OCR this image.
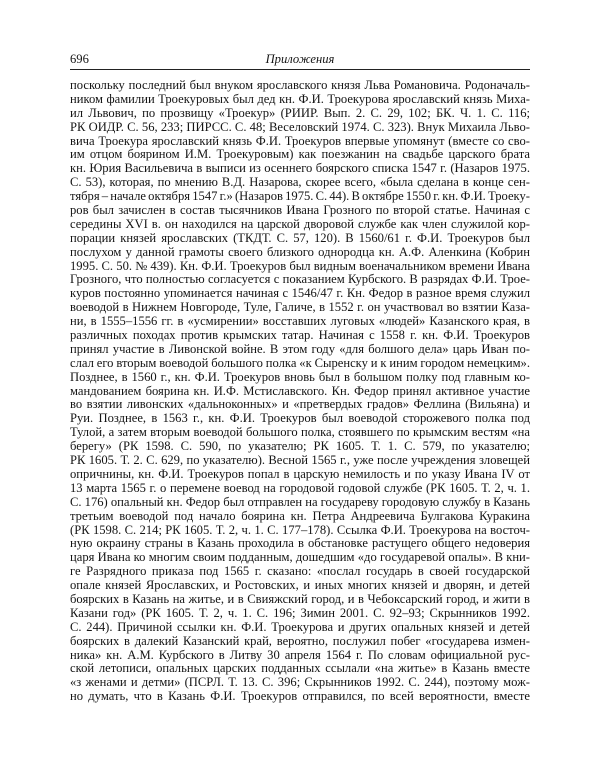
696	Приложения
поскольку последний был внуком ярославского князя Льва Романовича. Родоначаль-
ником фамилии Троекуровых был дед кн. Ф.И. Троекурова ярославский князь Миха-
ил Львович, по прозвищу «Троекур» (РИИР. Вып. 2. С. 29, 102; БК. Ч. 1. С. 116;
РК ОИДР. С. 56, 233; ПИРСС. С. 48; Веселовский 1974. С. 323). Внук Михаила Льво-
вича Троекура ярославский князь Ф.И. Троекуров впервые упомянут (вместе со сво-
им отцом боярином И.М. Троекуровым) как поезжанин на свадьбе царского брата
кн. Юрия Васильевича в выписи из осеннего боярского списка 1547 г. (Назаров 1975.
С. 53), которая, по мнению В.Д. Назарова, скорее всего, «была сделана в конце сен-
тября – начале октября 1547 г.» (Назаров 1975. С. 44). В октябре 1550 г. кн. Ф.И. Троеку-
ров был зачислен в состав тысячников Ивана Грозного по второй статье. Начиная с
середины XVI в. он находился на царской дворовой службе как член служилой кор-
порации князей ярославских (ТКДТ. С. 57, 120). В 1560/61 г. Ф.И. Троекуров был
послухом у данной грамоты своего близкого однородца кн. А.Ф. Аленкина (Кобрин
1995. С. 50. № 439). Кн. Ф.И. Троекуров был видным военачальником времени Ивана
Грозного, что полностью согласуется с показанием Курбского. В разрядах Ф.И. Трое-
куров постоянно упоминается начиная с 1546/47 г. Кн. Федор в разное время служил
воеводой в Нижнем Новгороде, Туле, Галиче, в 1552 г. он участвовал во взятии Каза-
ни, в 1555–1556 гг. в «усмирении» восставших луговых «людей» Казанского края, в
различных походах против крымских татар. Начиная с 1558 г. кн. Ф.И. Троекуров
принял участие в Ливонской войне. В этом году «для болшого дела» царь Иван по-
слал его вторым воеводой большого полка «к Сыренску и к иним городом немецким».
Позднее, в 1560 г., кн. Ф.И. Троекуров вновь был в большом полку под главным ко-
мандованием боярина кн. И.Ф. Мстиславского. Кн. Федор принял активное участие
во взятии ливонских «дальноконных» и «претвердых градов» Феллина (Вильяна) и
Руи. Позднее, в 1563 г., кн. Ф.И. Троекуров был воеводой сторожевого полка под
Тулой, а затем вторым воеводой большого полка, стоявшего по крымским вестям «на
берегу» (РК 1598. С. 590, по указателю; РК 1605. Т. 1. С. 579, по указателю;
РК 1605. Т. 2. С. 629, по указателю). Весной 1565 г., уже после учреждения зловещей
опричнины, кн. Ф.И. Троекуров попал в царскую немилость и по указу Ивана IV от
13 марта 1565 г. о перемене воевод на городовой годовой службе (РК 1605. Т. 2, ч. 1.
С. 176) опальный кн. Федор был отправлен на государеву городовую службу в Казань
третьим воеводой под начало боярина кн. Петра Андреевича Булгакова Куракина
(РК 1598. С. 214; РК 1605. Т. 2, ч. 1. С. 177–178). Ссылка Ф.И. Троекурова на восточ-
ную окраину страны в Казань проходила в обстановке растущего общего недоверия
царя Ивана ко многим своим подданным, дошедшим «до государевой опалы». В кни-
ге Разрядного приказа под 1565 г. сказано: «послал государь в своей государской
опале князей Ярославских, и Ростовских, и иных многих князей и дворян, и детей
боярских в Казань на житье, и в Свияжский город, и в Чебоксарский город, и жити в
Казани год» (РК 1605. Т. 2, ч. 1. С. 196; Зимин 2001. С. 92–93; Скрынников 1992.
С. 244). Причиной ссылки кн. Ф.И. Троекурова и других опальных князей и детей
боярских в далекий Казанский край, вероятно, послужил побег «государева измен-
ника» кн. А.М. Курбского в Литву 30 апреля 1564 г. По словам официальной рус-
ской летописи, опальных царских подданных ссылали «на житье» в Казань вместе
«з женами и детми» (ПСРЛ. Т. 13. С. 396; Скрынников 1992. С. 244), поэтому мож-
но думать, что в Казань Ф.И. Троекуров отправился, по всей вероятности, вместе
